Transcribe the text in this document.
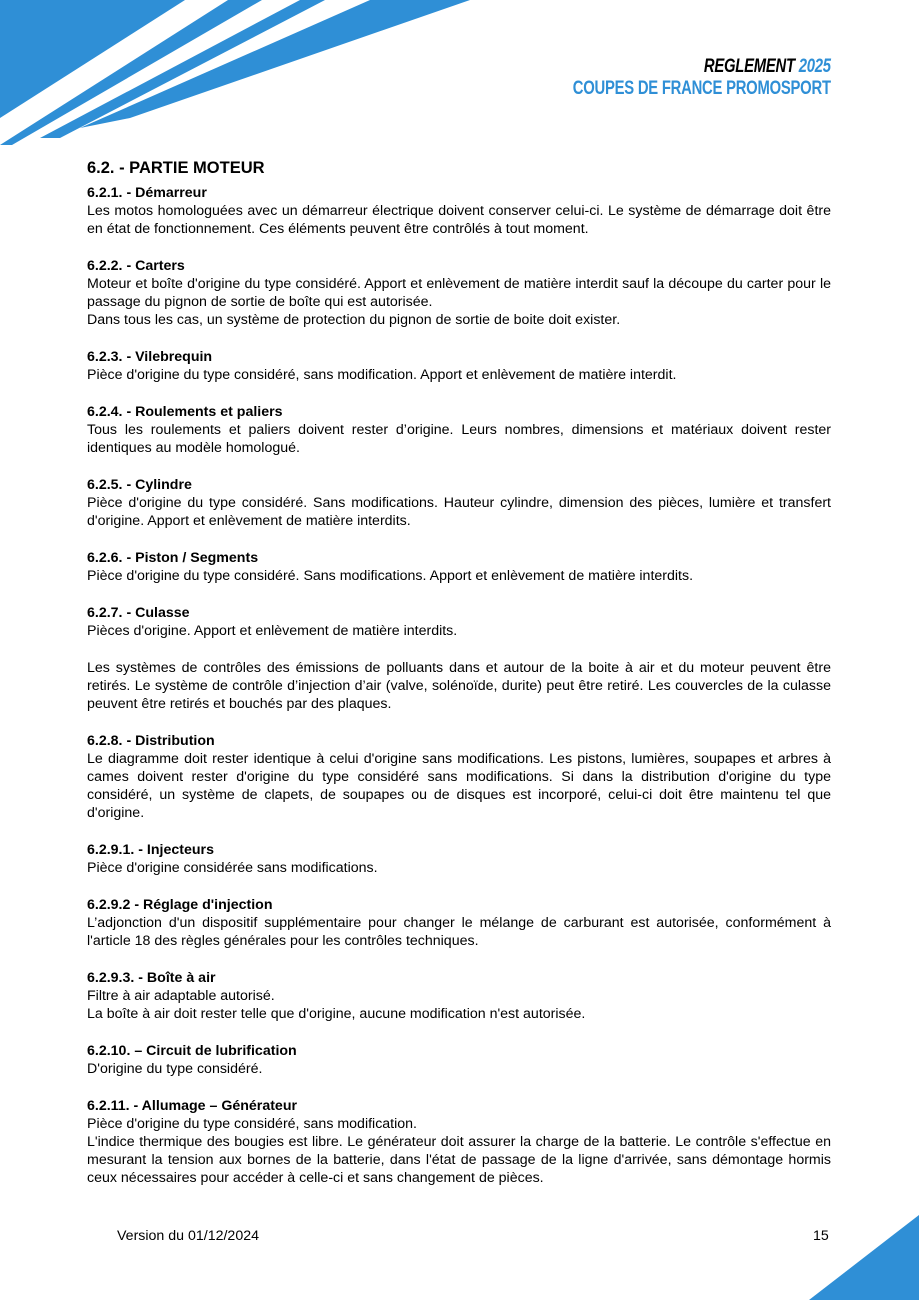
REGLEMENT 2025
COUPES DE FRANCE PROMOSPORT
6.2. - PARTIE MOTEUR
6.2.1. - Démarreur

Les motos homologuées avec un démarreur électrique doivent conserver celui-ci. Le système de démarrage doit être en état de fonctionnement. Ces éléments peuvent être contrôlés à tout moment.

6.2.2. - Carters

Moteur et boîte d'origine du type considéré. Apport et enlèvement de matière interdit sauf la découpe du carter pour le passage du pignon de sortie de boîte qui est autorisée.

Dans tous les cas, un système de protection du pignon de sortie de boite doit exister.

6.2.3. - Vilebrequin

Pièce d'origine du type considéré, sans modification. Apport et enlèvement de matière interdit.

6.2.4. - Roulements et paliers

Tous les roulements et paliers doivent rester d’origine. Leurs nombres, dimensions et matériaux doivent rester identiques au modèle homologué.

6.2.5. - Cylindre

Pièce d'origine du type considéré. Sans modifications. Hauteur cylindre, dimension des pièces, lumière et transfert d'origine. Apport et enlèvement de matière interdits.

6.2.6. - Piston / Segments

Pièce d'origine du type considéré. Sans modifications. Apport et enlèvement de matière interdits.

6.2.7. - Culasse

Pièces d'origine. Apport et enlèvement de matière interdits.

Les systèmes de contrôles des émissions de polluants dans et autour de la boite à air et du moteur peuvent être retirés. Le système de contrôle d’injection d’air (valve, solénoïde, durite) peut être retiré. Les couvercles de la culasse peuvent être retirés et bouchés par des plaques.

6.2.8. - Distribution

Le diagramme doit rester identique à celui d'origine sans modifications. Les pistons, lumières, soupapes et arbres à cames doivent rester d'origine du type considéré sans modifications. Si dans la distribution d'origine du type considéré, un système de clapets, de soupapes ou de disques est incorporé, celui-ci doit être maintenu tel que d'origine.

6.2.9.1. - Injecteurs

Pièce d'origine considérée sans modifications.

6.2.9.2 - Réglage d'injection

L’adjonction d'un dispositif supplémentaire pour changer le mélange de carburant est autorisée, conformément à l'article 18 des règles générales pour les contrôles techniques.

6.2.9.3. - Boîte à air

Filtre à air adaptable autorisé.

La boîte à air doit rester telle que d'origine, aucune modification n'est autorisée.

6.2.10. – Circuit de lubrification

D'origine du type considéré.

6.2.11. - Allumage – Générateur

Pièce d'origine du type considéré, sans modification.

L'indice thermique des bougies est libre. Le générateur doit assurer la charge de la batterie. Le contrôle s'effectue en mesurant la tension aux bornes de la batterie, dans l'état de passage de la ligne d'arrivée, sans démontage hormis ceux nécessaires pour accéder à celle-ci et sans changement de pièces.

Version du 01/12/2024	15
